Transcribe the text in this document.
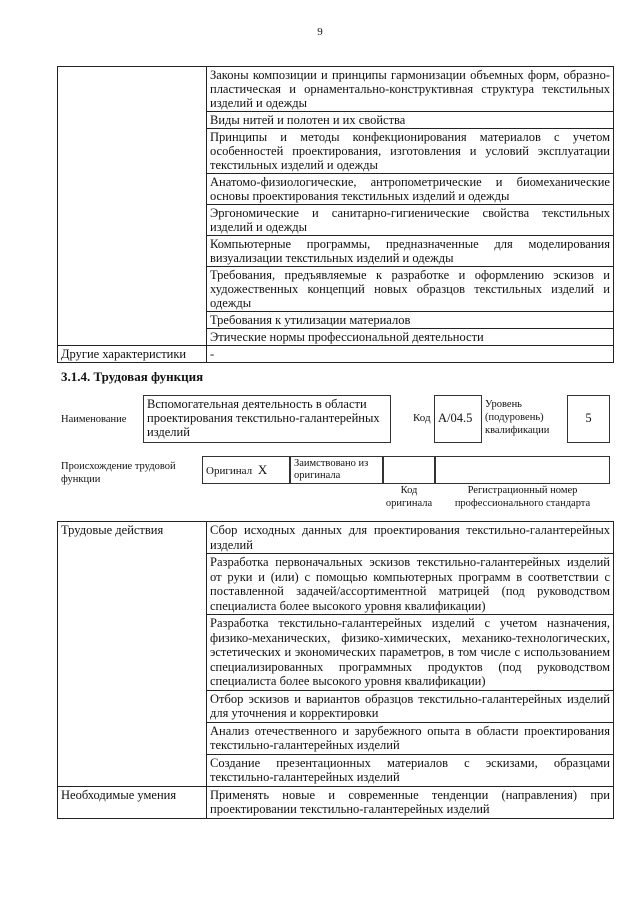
9
	Законы композиции и принципы гармонизации объемных форм, образно-пластическая и орнаментально-конструктивная структура текстильных изделий и одежды
	Виды нитей и полотен и их свойства
	Принципы и методы конфекционирования материалов с учетом особенностей проектирования, изготовления и условий эксплуатации текстильных изделий и одежды
	Анатомо-физиологические, антропометрические и биомеханические основы проектирования текстильных изделий и одежды
	Эргономические и санитарно-гигиенические свойства текстильных изделий и одежды
	Компьютерные программы, предназначенные для моделирования визуализации текстильных изделий и одежды
	Требования, предъявляемые к разработке и оформлению эскизов и художественных концепций новых образцов текстильных изделий и одежды
	Требования к утилизации материалов
	Этические нормы профессиональной деятельности
Другие характеристики	-
3.1.4. Трудовая функция
Наименование
Вспомогательная деятельность в области проектирования текстильно-галантерейных изделий
Код A/04.5
Уровень (подуровень) квалификации
5
Происхождение трудовой функции
Оригинал X	Заимствовано из оригинала
Код оригинала
Регистрационный номер профессионального стандарта
Трудовые действия	Сбор исходных данных для проектирования текстильно-галантерейных изделий
	Разработка первоначальных эскизов текстильно-галантерейных изделий от руки и (или) с помощью компьютерных программ в соответствии с поставленной задачей/ассортиментной матрицей (под руководством специалиста более высокого уровня квалификации)
	Разработка текстильно-галантерейных изделий с учетом назначения, физико-механических, физико-химических, механико-технологических, эстетических и экономических параметров, в том числе с использованием специализированных программных продуктов (под руководством специалиста более высокого уровня квалификации)
	Отбор эскизов и вариантов образцов текстильно-галантерейных изделий для уточнения и корректировки
	Анализ отечественного и зарубежного опыта в области проектирования текстильно-галантерейных изделий
	Создание презентационных материалов с эскизами, образцами текстильно-галантерейных изделий
Необходимые умения	Применять новые и современные тенденции (направления) при проектировании текстильно-галантерейных изделий
